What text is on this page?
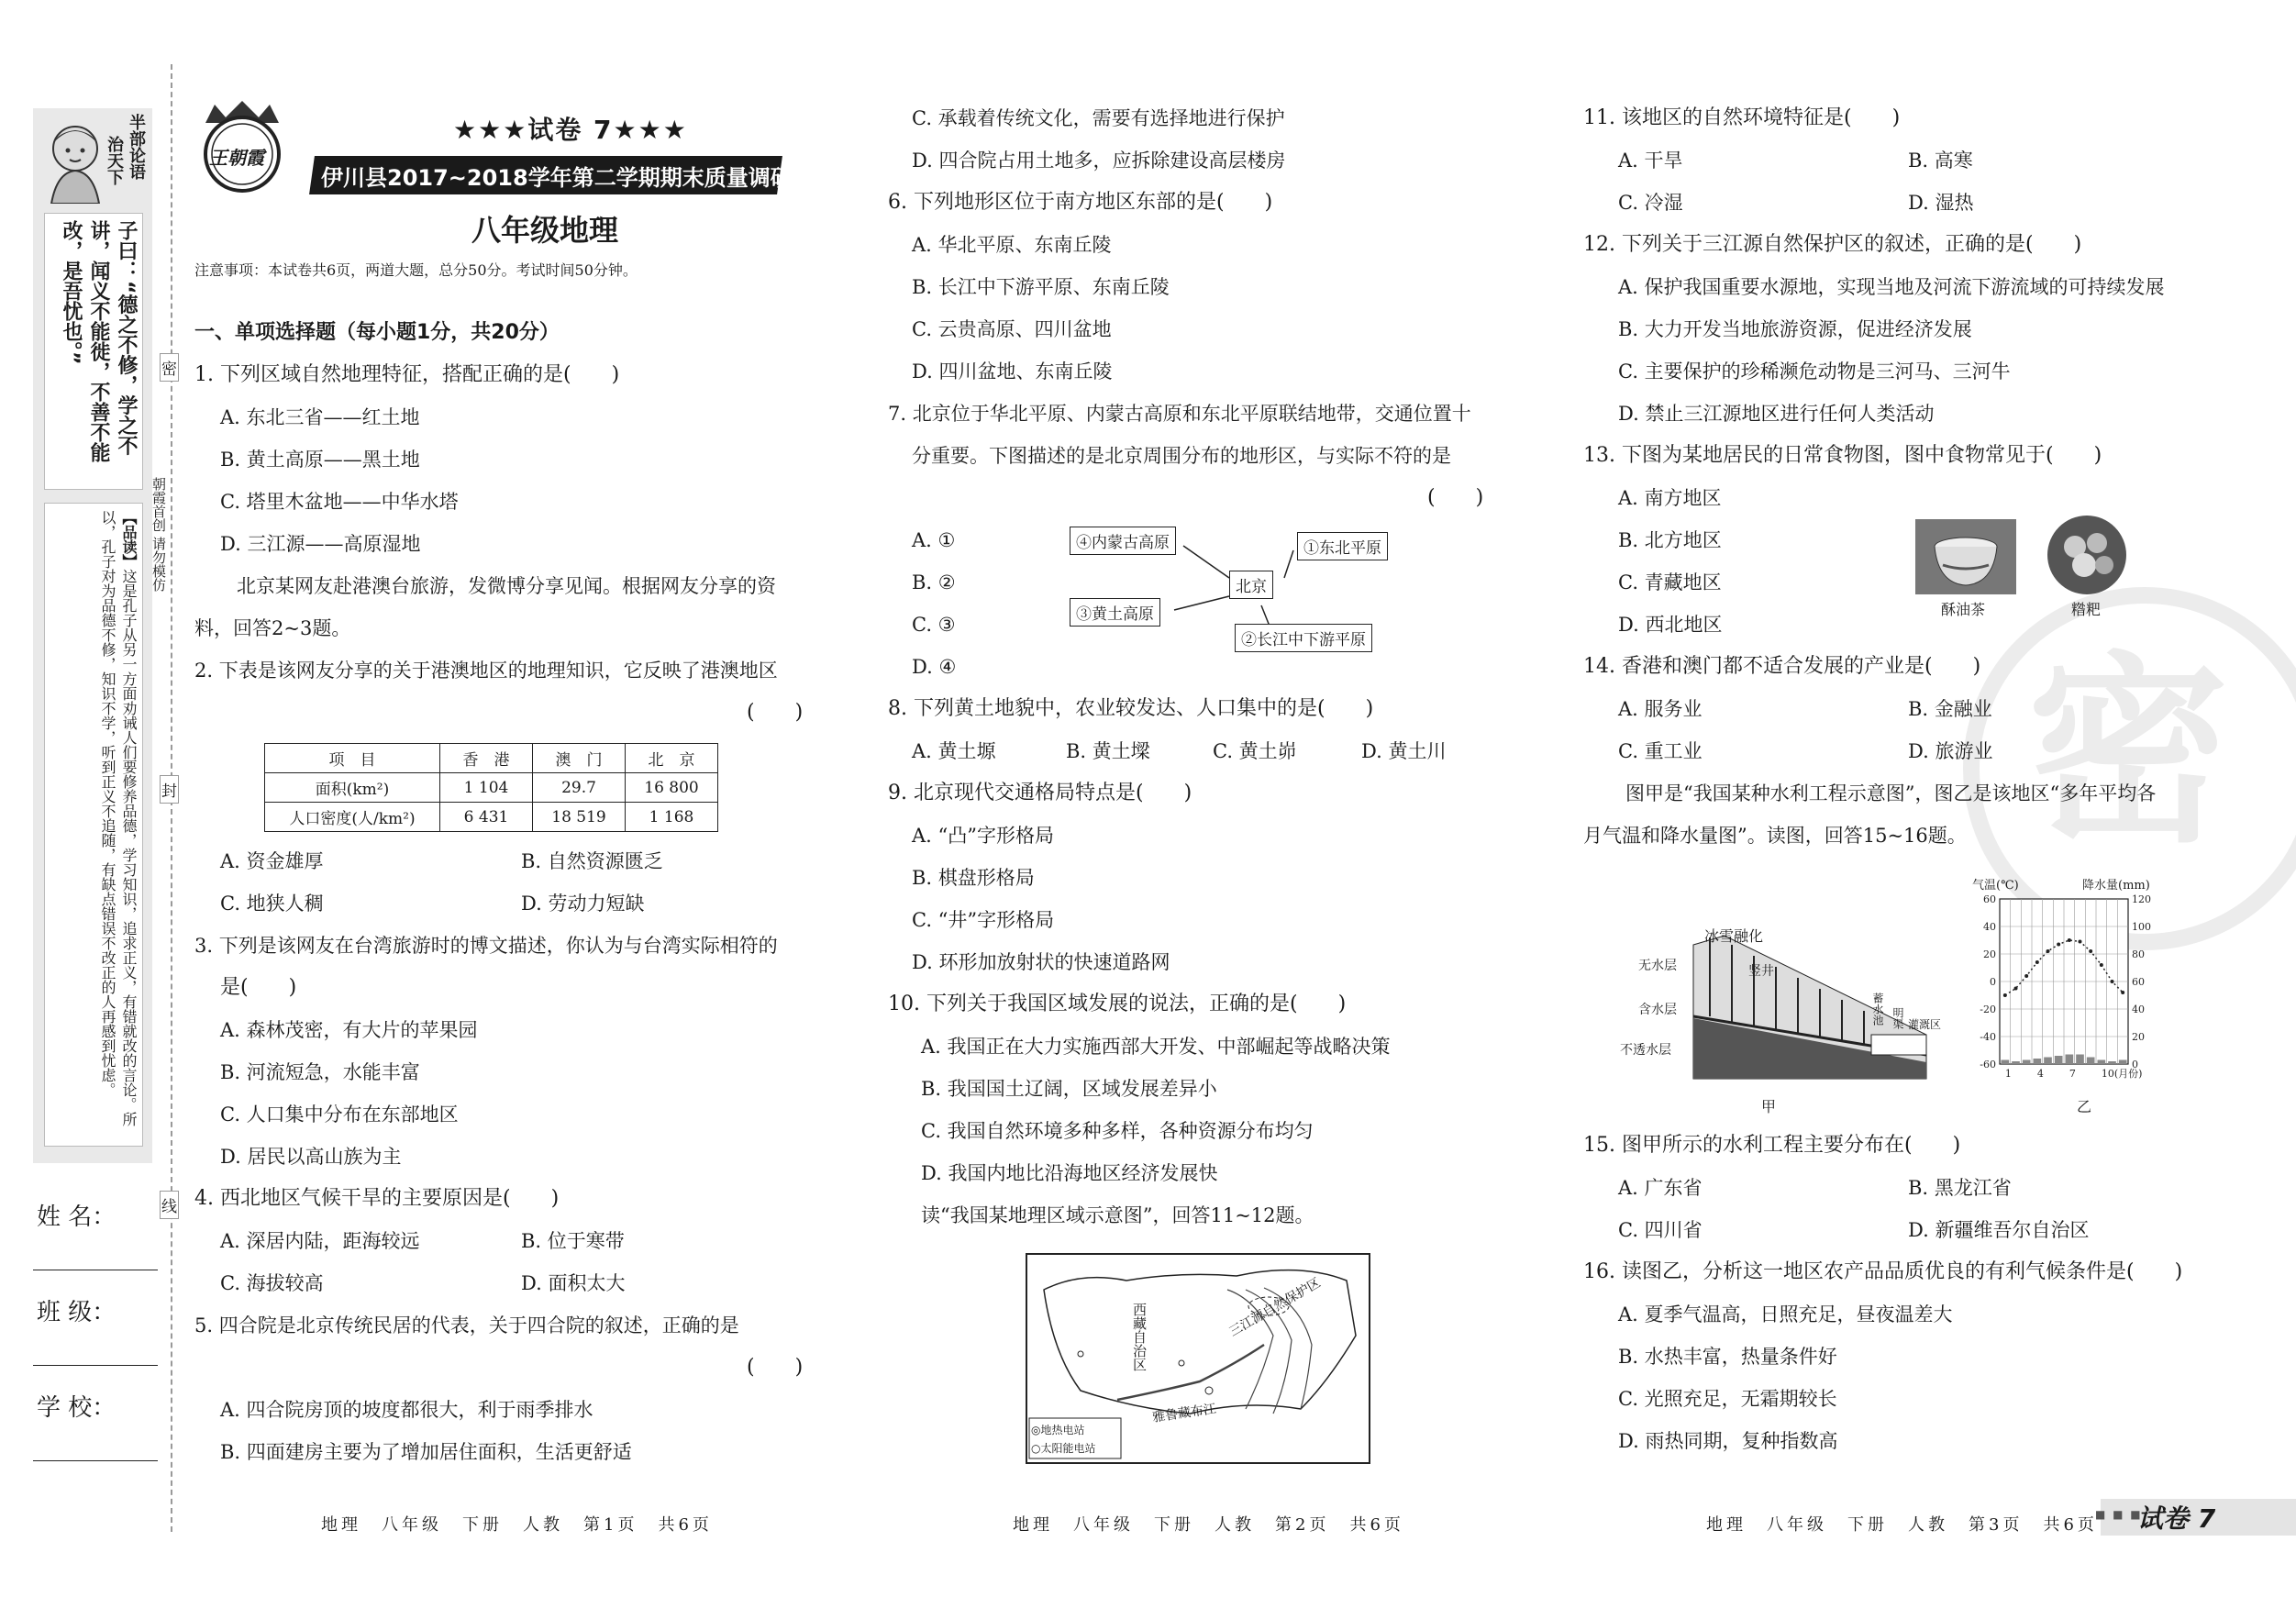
半部论语
治天下
子曰：“德之不修，学之不讲，闻义不能徙，不善不能改，是吾忧也。”
【品读】这是孔子从另一方面劝诫人们要修养品德，学习知识，追求正义，有错就改的言论。所以，孔子对为品德不修，知识不学，听到正义不追随，有缺点错误不改正的人再感到忧虑。	朝霞首创 请勿模仿
密
封
线
姓 名：
班 级：
学 校：
王朝霞
★★★试卷 7★★★
伊川县2017~2018学年第二学期期末质量调研检测试卷
八年级地理
注意事项：本试卷共6页，两道大题，总分50分。考试时间50分钟。
一、单项选择题（每小题1分，共20分）
1. 下列区域自然地理特征，搭配正确的是(　　)
A. 东北三省——红土地
B. 黄土高原——黑土地
C. 塔里木盆地——中华水塔
D. 三江源——高原湿地
北京某网友赴港澳台旅游，发微博分享见闻。根据网友分享的资
料，回答2~3题。
2. 下表是该网友分享的关于港澳地区的地理知识，它反映了港澳地区
(　　)
项　目	香　港	澳　门	北　京
面积(km²)	1 104	29.7	16 800
人口密度(人/km²)	6 431	18 519	1 168
A. 资金雄厚	B. 自然资源匮乏
C. 地狭人稠	D. 劳动力短缺
3. 下列是该网友在台湾旅游时的博文描述，你认为与台湾实际相符的
是(　　)
A. 森林茂密，有大片的苹果园
B. 河流短急，水能丰富
C. 人口集中分布在东部地区
D. 居民以高山族为主
4. 西北地区气候干旱的主要原因是(　　)
A. 深居内陆，距海较远	B. 位于寒带
C. 海拔较高	D. 面积太大
5. 四合院是北京传统民居的代表，关于四合院的叙述，正确的是
(　　)
A. 四合院房顶的坡度都很大，利于雨季排水
B. 四面建房主要为了增加居住面积，生活更舒适
地理　八年级　下册　人教　第1页　共6页
C. 承载着传统文化，需要有选择地进行保护
D. 四合院占用土地多，应拆除建设高层楼房
6. 下列地形区位于南方地区东部的是(　　)
A. 华北平原、东南丘陵
B. 长江中下游平原、东南丘陵
C. 云贵高原、四川盆地
D. 四川盆地、东南丘陵
7. 北京位于华北平原、内蒙古高原和东北平原联结地带，交通位置十
分重要。下图描述的是北京周围分布的地形区，与实际不符的是
(　　)
A. ①
B. ②
C. ③
D. ④
④内蒙古高原	①东北平原
北京
③黄土高原
②长江中下游平原
8. 下列黄土地貌中，农业较发达、人口集中的是(　　)
A. 黄土塬	B. 黄土墚	C. 黄土峁	D. 黄土川
9. 北京现代交通格局特点是(　　)
A. “凸”字形格局
B. 棋盘形格局
C. “井”字形格局
D. 环形加放射状的快速道路网
10. 下列关于我国区域发展的说法，正确的是(　　)
A. 我国正在大力实施西部大开发、中部崛起等战略决策
B. 我国国土辽阔，区域发展差异小
C. 我国自然环境多种多样，各种资源分布均匀
D. 我国内地比沿海地区经济发展快
读“我国某地理区域示意图”，回答11~12题。
西藏自治区	三江源自然保护区
雅鲁藏布江
◎地热电站
○太阳能电站
地理　八年级　下册　人教　第2页　共6页
密
11. 该地区的自然环境特征是(　　)
A. 干旱	B. 高寒
C. 冷湿	D. 湿热
12. 下列关于三江源自然保护区的叙述，正确的是(　　)
A. 保护我国重要水源地，实现当地及河流下游流域的可持续发展
B. 大力开发当地旅游资源，促进经济发展
C. 主要保护的珍稀濒危动物是三河马、三河牛
D. 禁止三江源地区进行任何人类活动
13. 下图为某地居民的日常食物图，图中食物常见于(　　)
A. 南方地区
B. 北方地区
C. 青藏地区
D. 西北地区
酥油茶	糌粑
14. 香港和澳门都不适合发展的产业是(　　)
A. 服务业	B. 金融业
C. 重工业	D. 旅游业
图甲是“我国某种水利工程示意图”，图乙是该地区“多年平均各
月气温和降水量图”。读图，回答15~16题。
冰雪融化
无水层	竖井
含水层
不透水层
蓄水池 明渠 灌溉区
甲
气温(℃)	降水量(mm)
60
40
20
0
-20
-40
-60
120
100
80
60
40
20
0
1	4	7	10(月份)
乙
15. 图甲所示的水利工程主要分布在(　　)
A. 广东省	B. 黑龙江省
C. 四川省	D. 新疆维吾尔自治区
16. 读图乙，分析这一地区农产品品质优良的有利气候条件是(　　)
A. 夏季气温高，日照充足，昼夜温差大
B. 水热丰富，热量条件好
C. 光照充足，无霜期较长
D. 雨热同期，复种指数高
地理　八年级　下册　人教　第3页　共6页
■ ■ ■
试卷 7
